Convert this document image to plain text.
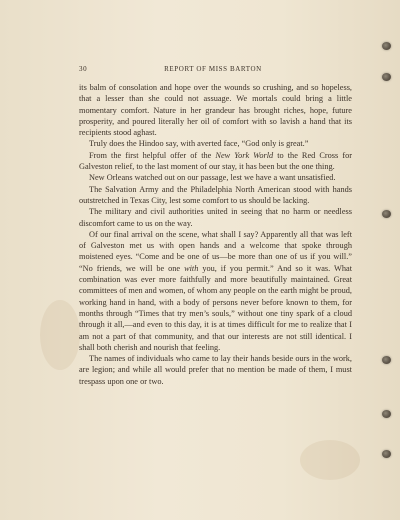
30	REPORT OF MISS BARTON

its balm of consolation and hope over the wounds so crushing, and so hopeless, that a lesser than she could not assuage. We mortals could bring a little momentary comfort. Nature in her grandeur has brought riches, hope, future prosperity, and poured literally her oil of comfort with so lavish a hand that its recipients stood aghast.

Truly does the Hindoo say, with averted face, “God only is great.”

From the first helpful offer of the New York World to the Red Cross for Galveston relief, to the last moment of our stay, it has been but the one thing.

New Orleans watched out on our passage, lest we have a want unsatisfied.

The Salvation Army and the Philadelphia North American stood with hands outstretched in Texas City, lest some comfort to us should be lacking.

The military and civil authorities united in seeing that no harm or needless discomfort came to us on the way.

Of our final arrival on the scene, what shall I say? Apparently all that was left of Galveston met us with open hands and a welcome that spoke through moistened eyes. “Come and be one of us—be more than one of us if you will.” “No friends, we will be one with you, if you permit.” And so it was. What combination was ever more faithfully and more beautifully maintained. Great committees of men and women, of whom any people on the earth might be proud, working hand in hand, with a body of persons never before known to them, for months through “Times that try men’s souls,” without one tiny spark of a cloud through it all,—and even to this day, it is at times difficult for me to realize that I am not a part of that community, and that our interests are not still identical. I shall both cherish and nourish that feeling.

The names of individuals who came to lay their hands beside ours in the work, are legion; and while all would prefer that no mention be made of them, I must trespass upon one or two.
